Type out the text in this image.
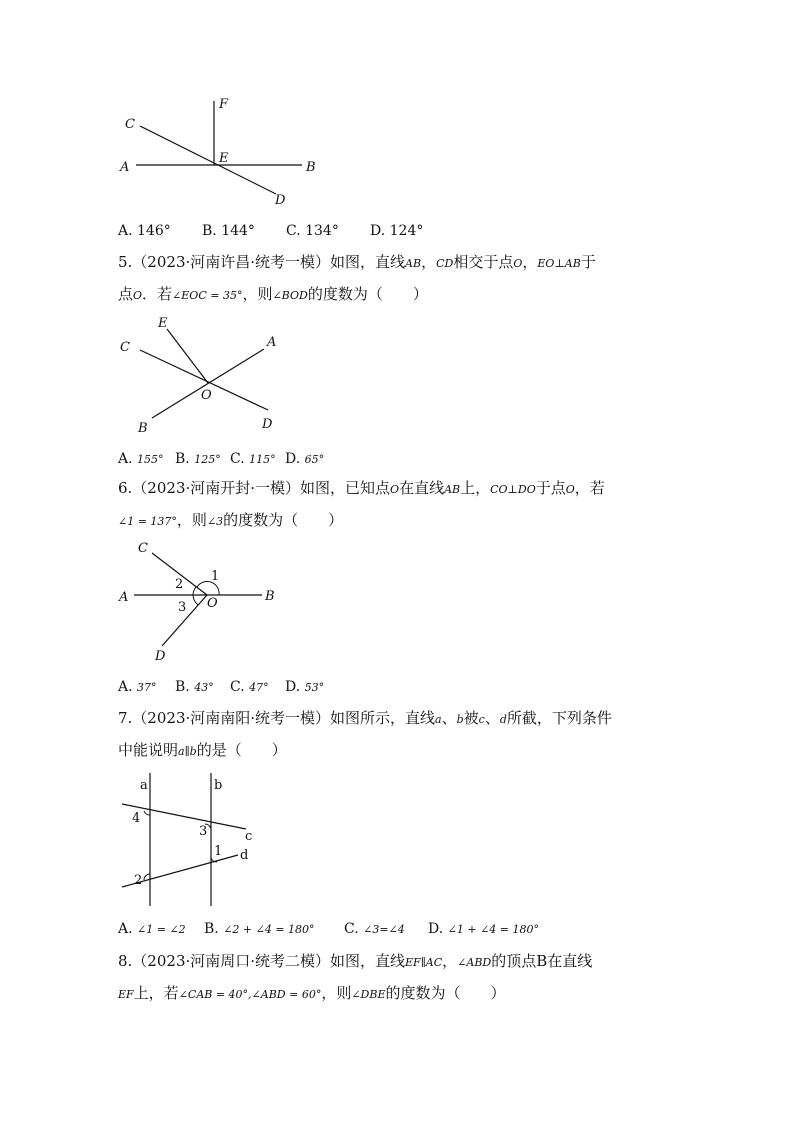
C
F
E
A	B
D
A. 146° B. 144° C. 134° D. 124°
5.（2023·河南许昌·统考一模）如图，直线AB，CD相交于点O，EO⊥AB于
点O．若∠EOC = 35°，则∠BOD的度数为（　　）
E
C	A
O
B	D
A. 155° B. 125° C. 115° D. 65°
6.（2023·河南开封·一模）如图，已知点O在直线AB上，CO⊥DO于点O，若
∠1 = 137°，则∠3的度数为（　　）
C
1
2
A	O	B
3
D
A. 37° B. 43° C. 47° D. 53°
7.（2023·河南南阳·统考一模）如图所示，直线a、b被c、d所截，下列条件
中能说明a∥b的是（　　）
a	b
4
3	c
1 d
2
A. ∠1 = ∠2 B. ∠2 + ∠4 = 180° C. ∠3=∠4 D. ∠1 + ∠4 = 180°
8.（2023·河南周口·统考二模）如图，直线EF∥AC，∠ABD的顶点B在直线
EF上，若∠CAB = 40°,∠ABD = 60°，则∠DBE的度数为（　　）
